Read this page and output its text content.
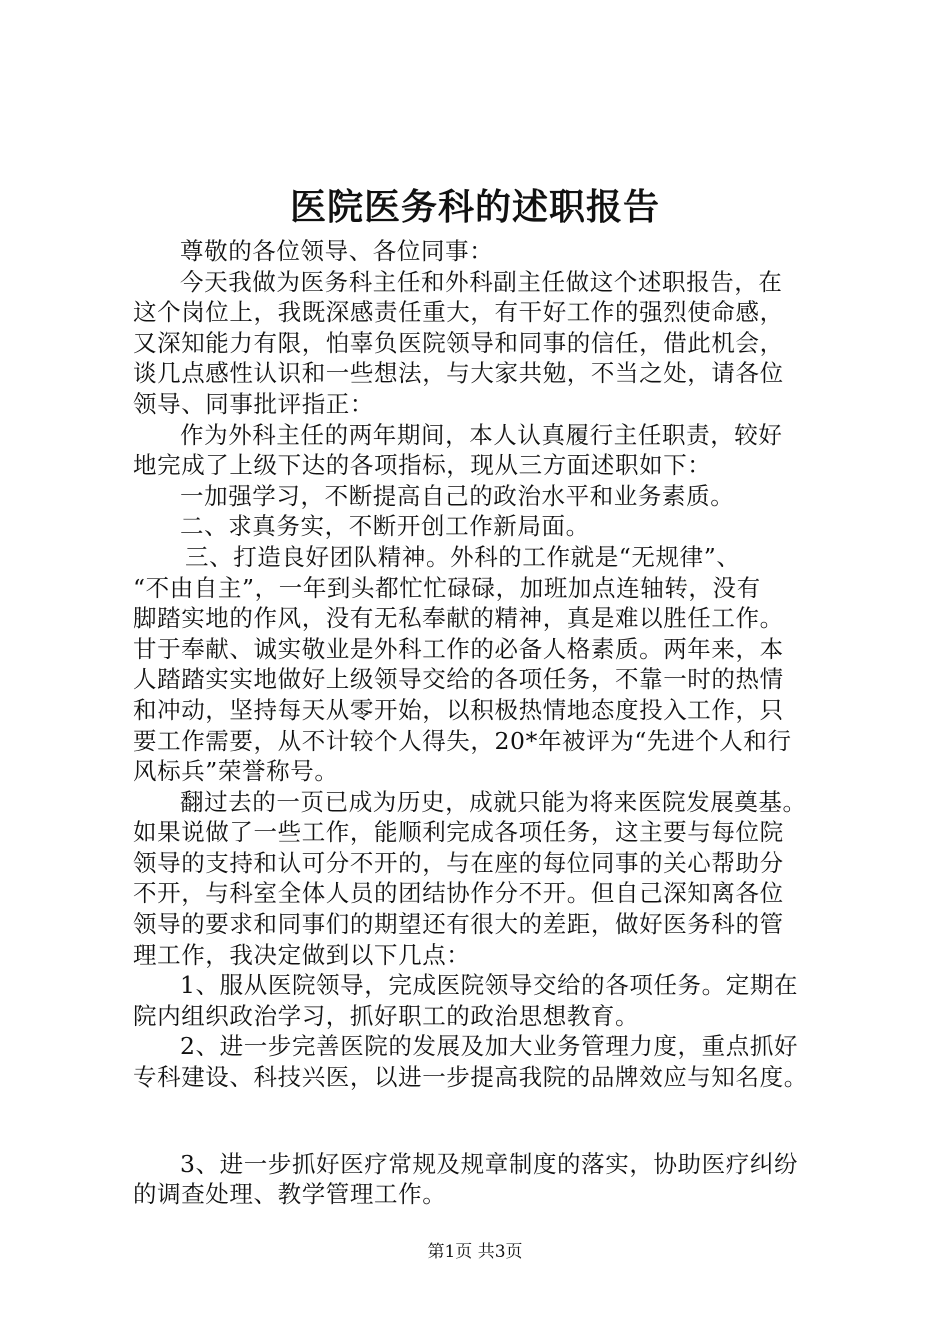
医院医务科的述职报告
尊敬的各位领导、各位同事：
今天我做为医务科主任和外科副主任做这个述职报告，在
这个岗位上，我既深感责任重大，有干好工作的强烈使命感，
又深知能力有限，怕辜负医院领导和同事的信任，借此机会，
谈几点感性认识和一些想法，与大家共勉，不当之处，请各位
领导、同事批评指正：
作为外科主任的两年期间，本人认真履行主任职责，较好
地完成了上级下达的各项指标，现从三方面述职如下：
一加强学习，不断提高自己的政治水平和业务素质。
二、求真务实，不断开创工作新局面。
三、打造良好团队精神。外科的工作就是“无规律”、
“不由自主”，一年到头都忙忙碌碌，加班加点连轴转，没有
脚踏实地的作风，没有无私奉献的精神，真是难以胜任工作。
甘于奉献、诚实敬业是外科工作的必备人格素质。两年来，本
人踏踏实实地做好上级领导交给的各项任务，不靠一时的热情
和冲动，坚持每天从零开始，以积极热情地态度投入工作，只
要工作需要，从不计较个人得失，20*年被评为“先进个人和行
风标兵”荣誉称号。
翻过去的一页已成为历史，成就只能为将来医院发展奠基。
如果说做了一些工作，能顺利完成各项任务，这主要与每位院
领导的支持和认可分不开的，与在座的每位同事的关心帮助分
不开，与科室全体人员的团结协作分不开。但自己深知离各位
领导的要求和同事们的期望还有很大的差距，做好医务科的管
理工作，我决定做到以下几点：
1、服从医院领导，完成医院领导交给的各项任务。定期在
院内组织政治学习，抓好职工的政治思想教育。
2、进一步完善医院的发展及加大业务管理力度，重点抓好
专科建设、科技兴医，以进一步提高我院的品牌效应与知名度。
3、进一步抓好医疗常规及规章制度的落实，协助医疗纠纷
的调查处理、教学管理工作。
第1页 共3页
